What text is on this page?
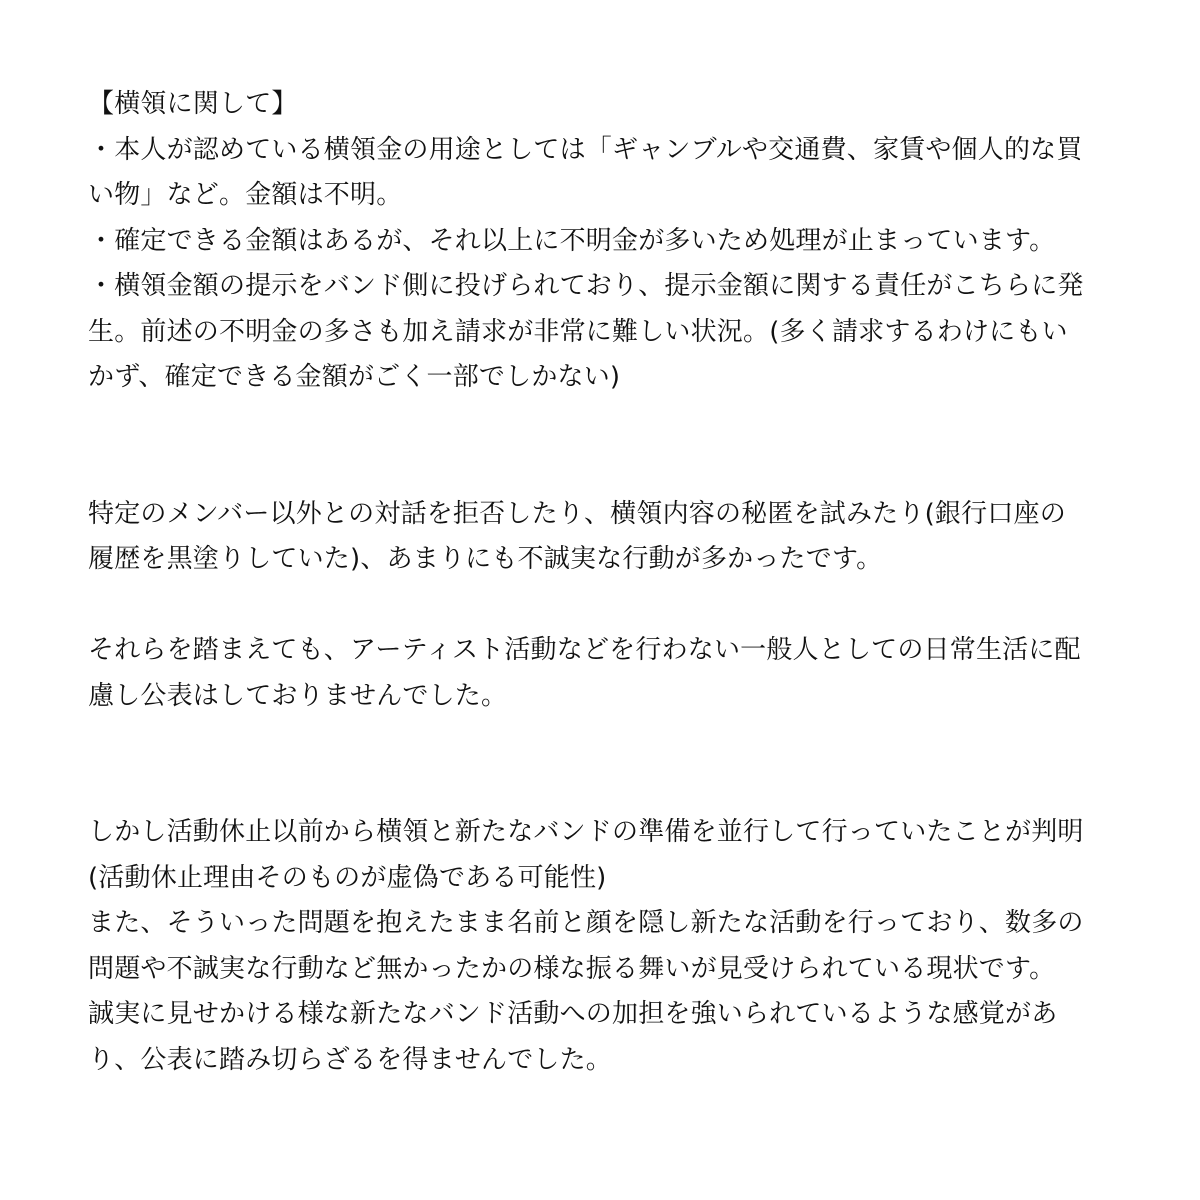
【横領に関して】

・本人が認めている横領金の用途としては「ギャンブルや交通費、家賃や個人的な買

い物」など。金額は不明。

・確定できる金額はあるが、それ以上に不明金が多いため処理が止まっています。

・横領金額の提示をバンド側に投げられており、提示金額に関する責任がこちらに発

生。前述の不明金の多さも加え請求が非常に難しい状況。(多く請求するわけにもい

かず、確定できる金額がごく一部でしかない)

特定のメンバー以外との対話を拒否したり、横領内容の秘匿を試みたり(銀行口座の

履歴を黒塗りしていた)、あまりにも不誠実な行動が多かったです。

それらを踏まえても、アーティスト活動などを行わない一般人としての日常生活に配

慮し公表はしておりませんでした。

しかし活動休止以前から横領と新たなバンドの準備を並行して行っていたことが判明

(活動休止理由そのものが虚偽である可能性)

また、そういった問題を抱えたまま名前と顔を隠し新たな活動を行っており、数多の

問題や不誠実な行動など無かったかの様な振る舞いが見受けられている現状です。

誠実に見せかける様な新たなバンド活動への加担を強いられているような感覚があ

り、公表に踏み切らざるを得ませんでした。
